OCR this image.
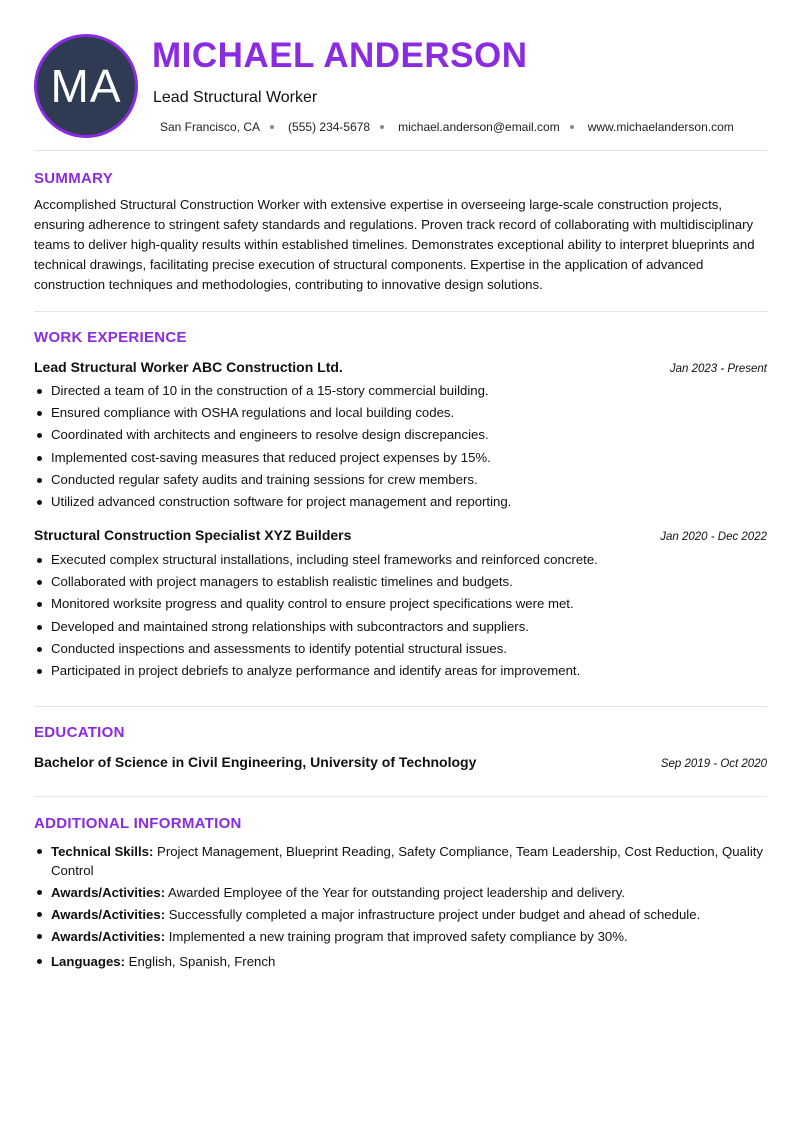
MA
MICHAEL ANDERSON
Lead Structural Worker
San Francisco, CA (555) 234-5678 michael.anderson@email.com www.michaelanderson.com
SUMMARY

Accomplished Structural Construction Worker with extensive expertise in overseeing large-scale construction projects, ensuring adherence to stringent safety standards and regulations. Proven track record of collaborating with multidisciplinary teams to deliver high-quality results within established timelines. Demonstrates exceptional ability to interpret blueprints and technical drawings, facilitating precise execution of structural components. Expertise in the application of advanced construction techniques and methodologies, contributing to innovative design solutions.

WORK EXPERIENCE
Lead Structural Worker ABC Construction Ltd.	Jan 2023 - Present
Directed a team of 10 in the construction of a 15-story commercial building.
Ensured compliance with OSHA regulations and local building codes.
Coordinated with architects and engineers to resolve design discrepancies.
Implemented cost-saving measures that reduced project expenses by 15%.
Conducted regular safety audits and training sessions for crew members.
Utilized advanced construction software for project management and reporting.
Structural Construction Specialist XYZ Builders	Jan 2020 - Dec 2022
Executed complex structural installations, including steel frameworks and reinforced concrete.
Collaborated with project managers to establish realistic timelines and budgets.
Monitored worksite progress and quality control to ensure project specifications were met.
Developed and maintained strong relationships with subcontractors and suppliers.
Conducted inspections and assessments to identify potential structural issues.
Participated in project debriefs to analyze performance and identify areas for improvement.
EDUCATION
Bachelor of Science in Civil Engineering, University of Technology	Sep 2019 - Oct 2020
ADDITIONAL INFORMATION
Technical Skills: Project Management, Blueprint Reading, Safety Compliance, Team Leadership, Cost Reduction, Quality Control
Awards/Activities: Awarded Employee of the Year for outstanding project leadership and delivery.
Awards/Activities: Successfully completed a major infrastructure project under budget and ahead of schedule.
Awards/Activities: Implemented a new training program that improved safety compliance by 30%.
Languages: English, Spanish, French
